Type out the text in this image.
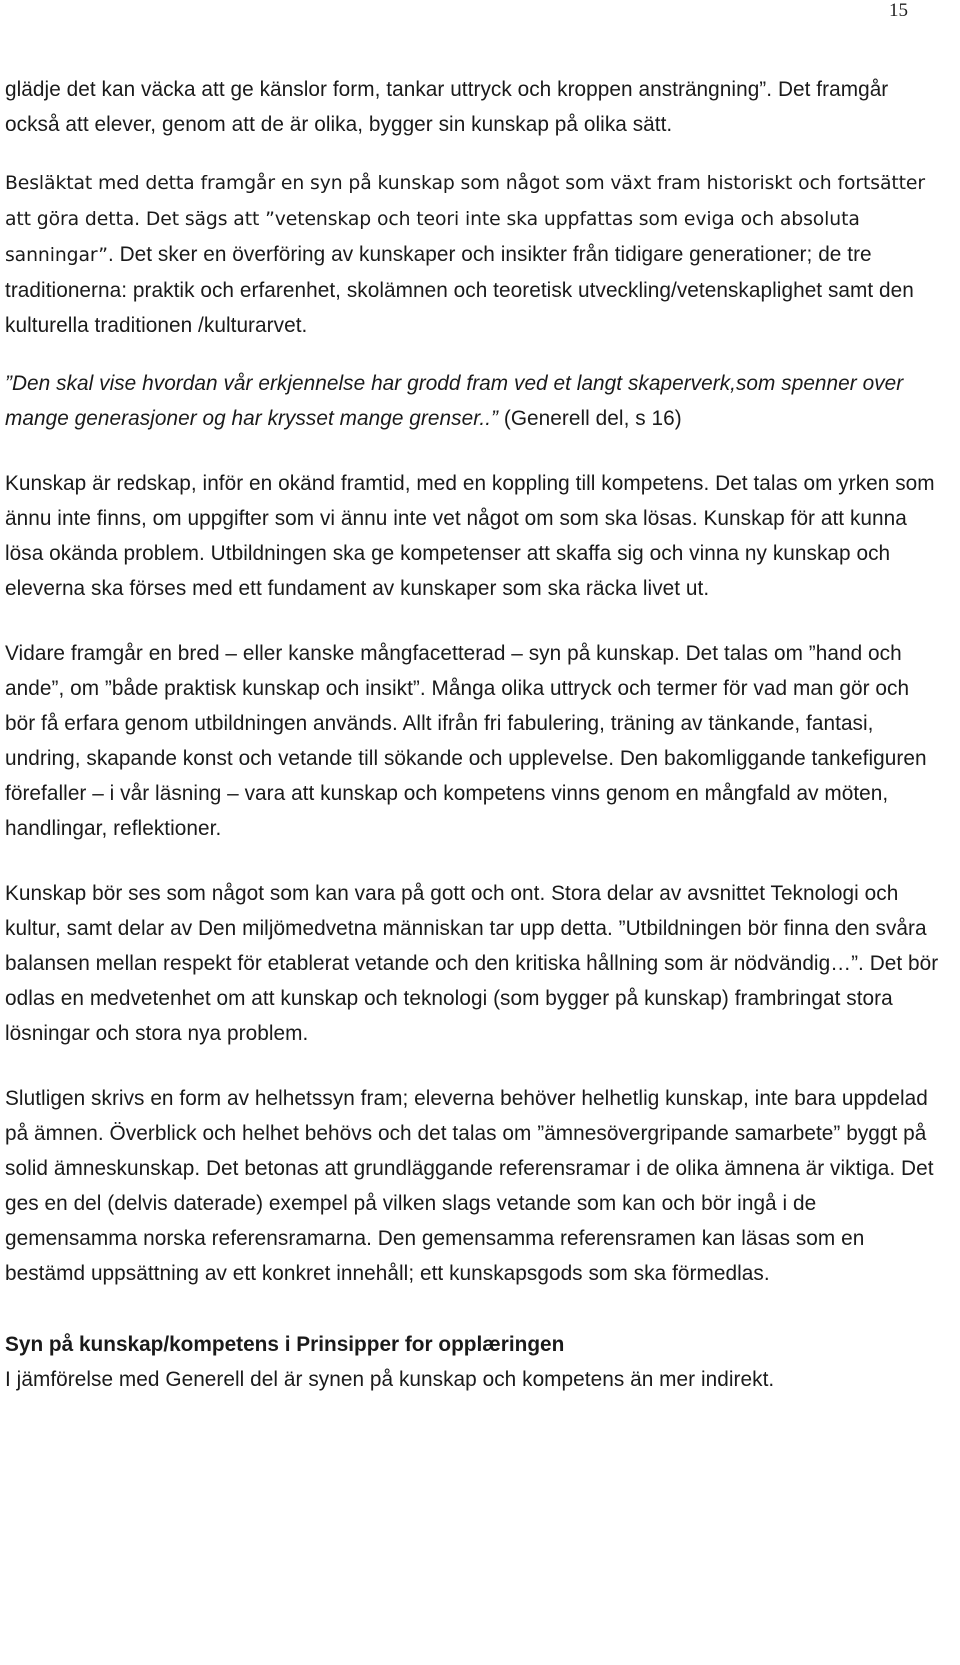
15

glädje det kan väcka att ge känslor form, tankar uttryck och kroppen ansträngning”. Det framgår också att elever, genom att de är olika, bygger sin kunskap på olika sätt.

Besläktat med detta framgår en syn på kunskap som något som växt fram historiskt och fortsätter att göra detta. Det sägs att ”vetenskap och teori inte ska uppfattas som eviga och absoluta sanningar”. Det sker en överföring av kunskaper och insikter från tidigare generationer; de tre traditionerna: praktik och erfarenhet, skolämnen och teoretisk utveckling/vetenskaplighet samt den kulturella traditionen /kulturarvet.

”Den skal vise hvordan vår erkjennelse har grodd fram ved et langt skaperverk,som spenner over mange generasjoner og har krysset mange grenser..” (Generell del, s 16)

Kunskap är redskap, inför en okänd framtid, med en koppling till kompetens. Det talas om yrken som ännu inte finns, om uppgifter som vi ännu inte vet något om som ska lösas. Kunskap för att kunna lösa okända problem. Utbildningen ska ge kompetenser att skaffa sig och vinna ny kunskap och eleverna ska förses med ett fundament av kunskaper som ska räcka livet ut.

Vidare framgår en bred – eller kanske mångfacetterad – syn på kunskap. Det talas om ”hand och ande”, om ”både praktisk kunskap och insikt”. Många olika uttryck och termer för vad man gör och bör få erfara genom utbildningen används. Allt ifrån fri fabulering, träning av tänkande, fantasi, undring, skapande konst och vetande till sökande och upplevelse. Den bakomliggande tankefiguren förefaller – i vår läsning – vara att kunskap och kompetens vinns genom en mångfald av möten, handlingar, reflektioner.

Kunskap bör ses som något som kan vara på gott och ont. Stora delar av avsnittet Teknologi och kultur, samt delar av Den miljömedvetna människan tar upp detta. ”Utbildningen bör finna den svåra balansen mellan respekt för etablerat vetande och den kritiska hållning som är nödvändig…”. Det bör odlas en medvetenhet om att kunskap och teknologi (som bygger på kunskap) frambringat stora lösningar och stora nya problem.

Slutligen skrivs en form av helhetssyn fram; eleverna behöver helhetlig kunskap, inte bara uppdelad på ämnen. Överblick och helhet behövs och det talas om ”ämnesövergripande samarbete” byggt på solid ämneskunskap. Det betonas att grundläggande referensramar i de olika ämnena är viktiga. Det ges en del (delvis daterade) exempel på vilken slags vetande som kan och bör ingå i de gemensamma norska referensramarna. Den gemensamma referensramen kan läsas som en bestämd uppsättning av ett konkret innehåll; ett kunskapsgods som ska förmedlas.

Syn på kunskap/kompetens i Prinsipper for opplæringen

I jämförelse med Generell del är synen på kunskap och kompetens än mer indirekt.
